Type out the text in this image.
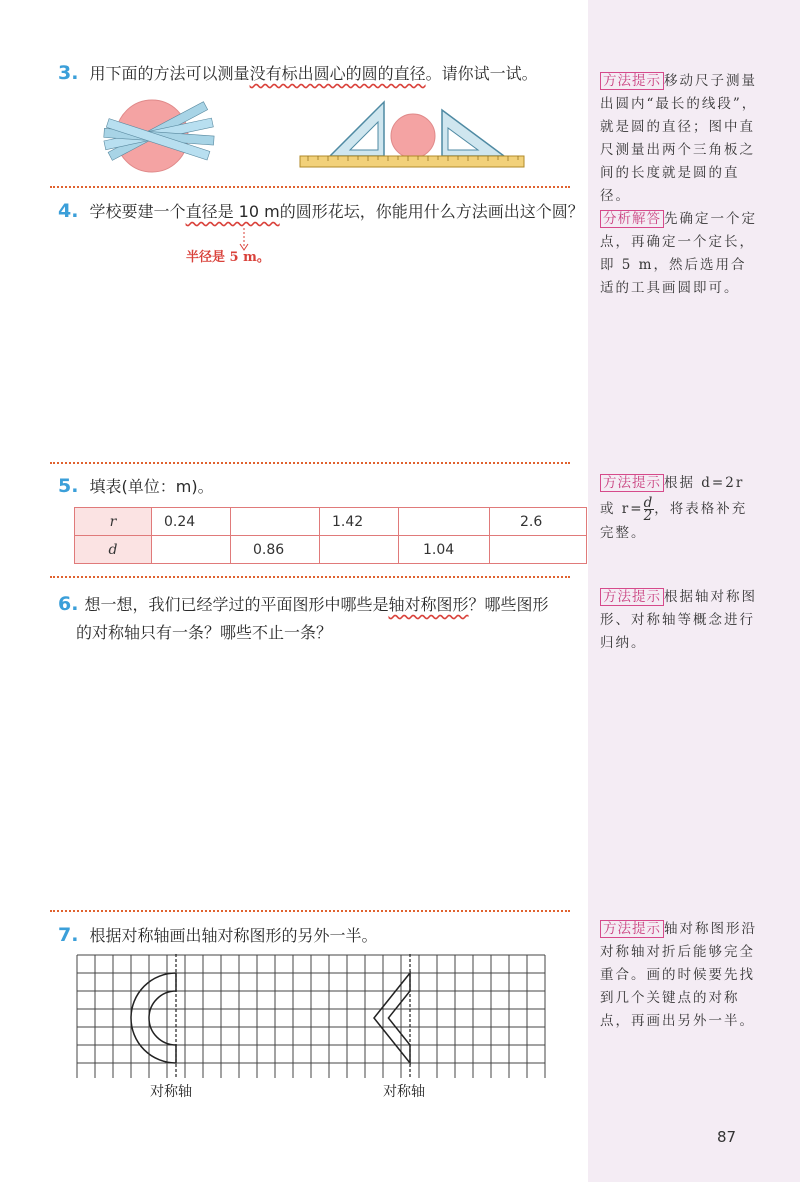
3. 用下面的方法可以测量没有标出圆心的圆的直径。请你试一试。
4. 学校要建一个直径是 10 m的圆形花坛，你能用什么方法画出这个圆？
半径是 5 m。
5. 填表(单位：m)。
r	0.24		1.42		2.6
d		0.86		1.04	
6. 想一想，我们已经学过的平面图形中哪些是轴对称图形？哪些图形
的对称轴只有一条？哪些不止一条？
7. 根据对称轴画出轴对称图形的另外一半。
对称轴	对称轴
方法提示 移动尺子测量出圆内“最长的线段”，就是圆的直径；图中直尺测量出两个三角板之间的长度就是圆的直径。
分析解答 先确定一个定点，再确定一个定长，即 5 m，然后选用合适的工具画圆即可。
方法提示 根据 d=2r
或 $r= \frac{d}{2}$ ，将表格补充
完整。
方法提示 根据轴对称图形、对称轴等概念进行归纳。
方法提示 轴对称图形沿对称轴对折后能够完全重合。画的时候要先找到几个关键点的对称点，再画出另外一半。
87
